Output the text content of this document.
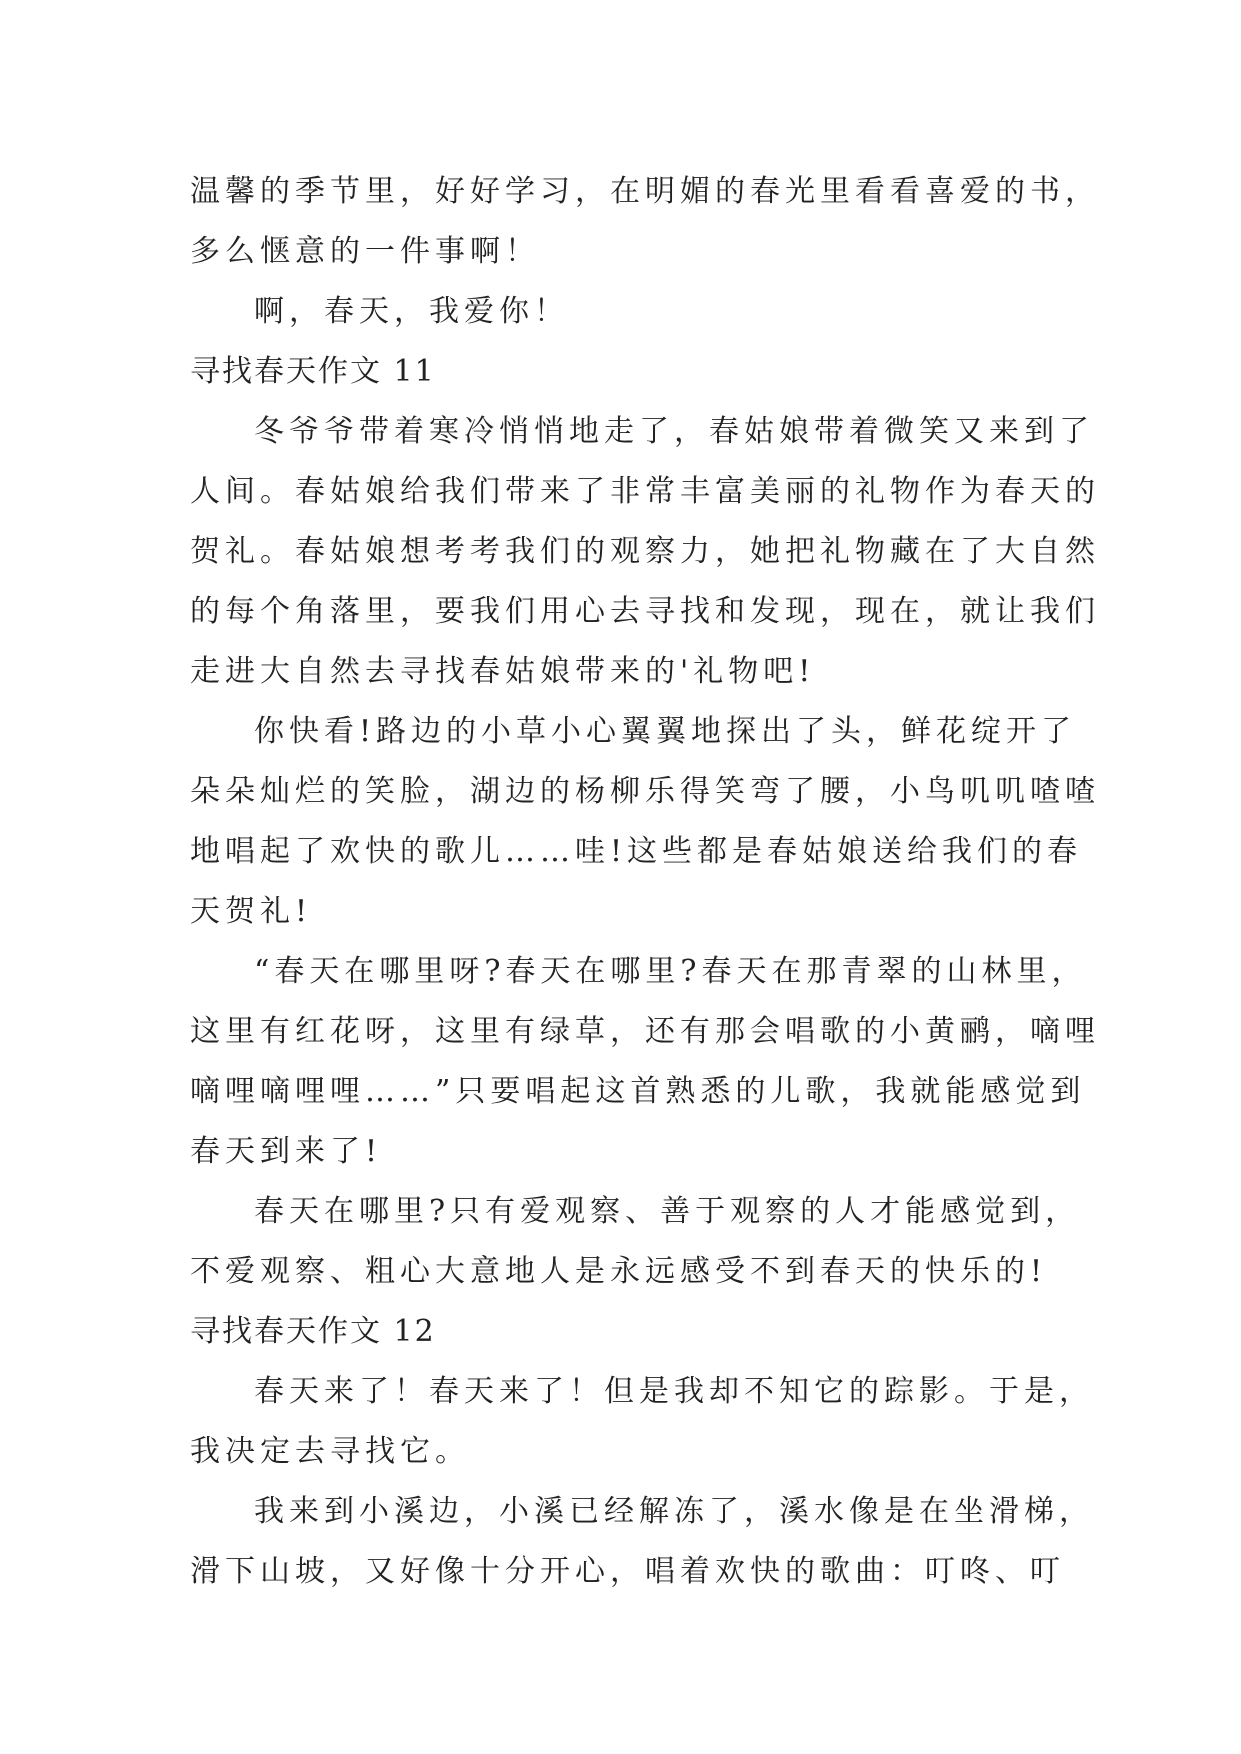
温馨的季节里，好好学习，在明媚的春光里看看喜爱的书，
多么惬意的一件事啊！
啊，春天，我爱你！
寻找春天作文 11
冬爷爷带着寒冷悄悄地走了，春姑娘带着微笑又来到了
人间。春姑娘给我们带来了非常丰富美丽的礼物作为春天的
贺礼。春姑娘想考考我们的观察力，她把礼物藏在了大自然
的每个角落里，要我们用心去寻找和发现，现在，就让我们
走进大自然去寻找春姑娘带来的'礼物吧!
你快看!路边的小草小心翼翼地探出了头，鲜花绽开了
朵朵灿烂的笑脸，湖边的杨柳乐得笑弯了腰，小鸟叽叽喳喳
地唱起了欢快的歌儿……哇!这些都是春姑娘送给我们的春
天贺礼!
“春天在哪里呀?春天在哪里?春天在那青翠的山林里，
这里有红花呀，这里有绿草，还有那会唱歌的小黄鹂，嘀哩
嘀哩嘀哩哩……”只要唱起这首熟悉的儿歌，我就能感觉到
春天到来了!
春天在哪里?只有爱观察、善于观察的人才能感觉到，
不爱观察、粗心大意地人是永远感受不到春天的快乐的!
寻找春天作文 12
春天来了！春天来了！但是我却不知它的踪影。于是，
我决定去寻找它。
我来到小溪边，小溪已经解冻了，溪水像是在坐滑梯，
滑下山坡，又好像十分开心，唱着欢快的歌曲：叮咚、叮
